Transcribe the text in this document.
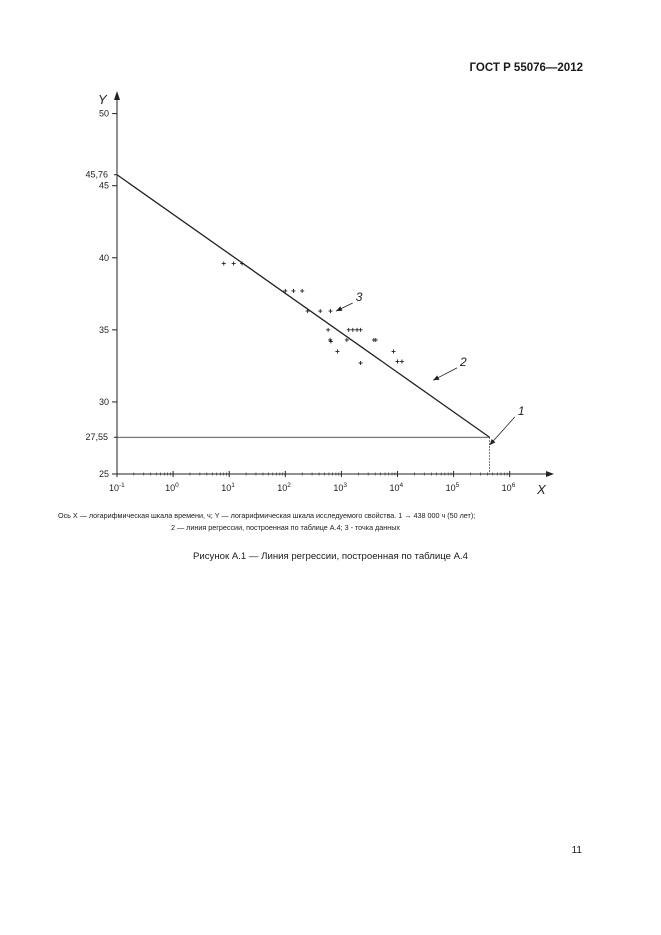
ГОСТ Р 55076—2012
X
Y
$10^{-1}$	$10^0$	$10^1$	$10^2$	$10^3$	$10^4$	$10^5$	$10^6$
25
30
35
40
45
50
45,76
27,55
1
2
3
Ось X — логарифмическая шкала времени, ч; Y — логарифмическая шкала исследуемого свойства. 1 → 438 000 ч (50 лет);
2 — линия регрессии, построенная по таблице А.4; 3 - точка данных
Рисунок А.1 — Линия регрессии, построенная по таблице А.4
11
